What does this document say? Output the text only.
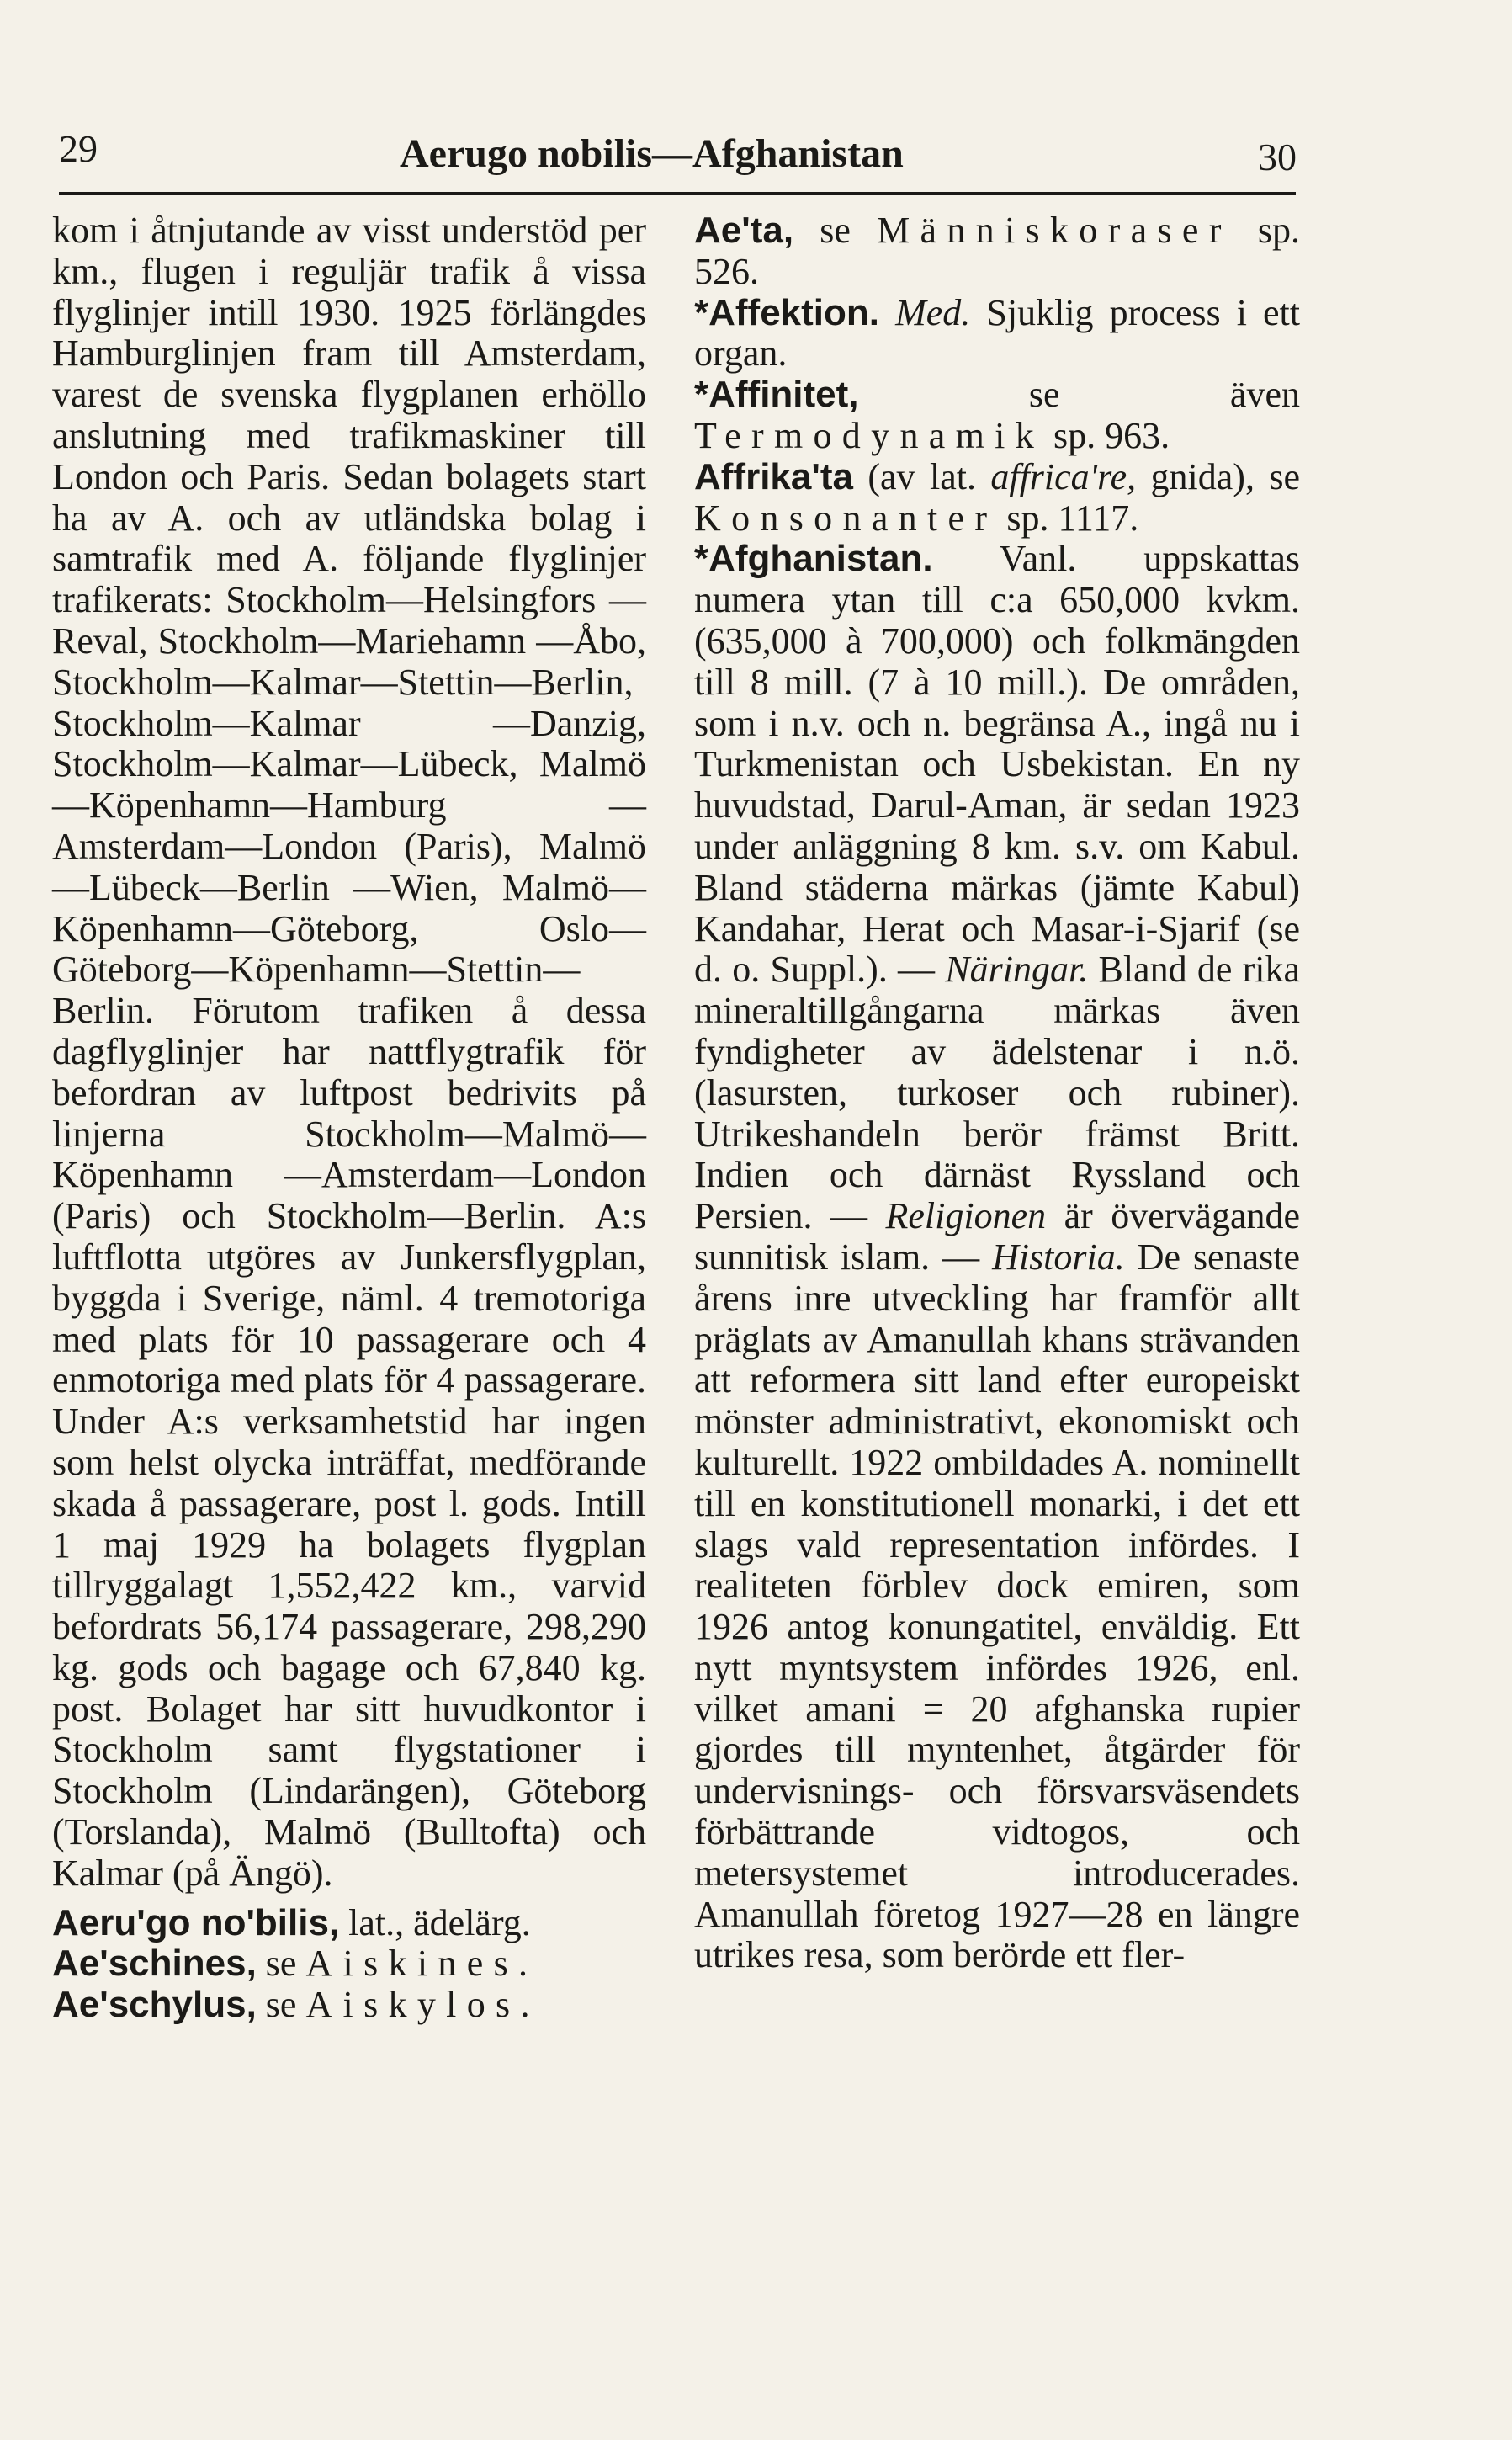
29	Aerugo nobilis—Afghanistan	30

kom i åtnjutande av visst understöd per km., flugen i reguljär trafik å vissa flyglinjer intill 1930. 1925 förlängdes Hamburglinjen fram till Amsterdam, varest de svenska flygplanen erhöllo anslutning med trafikmaskiner till London och Paris. Sedan bolagets start ha av A. och av utländska bolag i samtrafik med A. följande flyglinjer trafikerats: Stockholm—Helsingfors —Reval, Stockholm—Mariehamn —Åbo, Stockholm—Kalmar—Stettin—Berlin, Stockholm—Kalmar —Danzig, Stockholm—Kalmar—Lübeck, Malmö—Köpenhamn—Hamburg — Amsterdam—London (Paris), Malmö—Lübeck—Berlin —Wien, Malmö—Köpenhamn—Göteborg, Oslo—Göteborg—Köpenhamn—Stettin—Berlin. Förutom trafiken å dessa dagflyglinjer har nattflygtrafik för befordran av luftpost bedrivits på linjerna Stockholm—Malmö—Köpenhamn —Amsterdam—London (Paris) och Stockholm—Berlin. A:s luftflotta utgöres av Junkersflygplan, byggda i Sverige, näml. 4 tremotoriga med plats för 10 passagerare och 4 enmotoriga med plats för 4 passagerare. Under A:s verksamhetstid har ingen som helst olycka inträffat, medförande skada å passagerare, post l. gods. Intill 1 maj 1929 ha bolagets flygplan tillryggalagt 1,552,422 km., varvid befordrats 56,174 passagerare, 298,290 kg. gods och bagage och 67,840 kg. post. Bolaget har sitt huvudkontor i Stockholm samt flygstationer i Stockholm (Lindarängen), Göteborg (Torslanda), Malmö (Bulltofta) och Kalmar (på Ängö).

Aeru'go no'bilis, lat., ädelärg.

Ae'schines, se Aiskines.

Ae'schylus, se Aiskylos.

Ae'ta, se Människoraser sp. 526.

*Affektion. Med. Sjuklig process i ett organ.

*Affinitet, se även Termodynamik sp. 963.

Affrika'ta (av lat. affrica're, gnida), se Konsonanter sp. 1117.

*Afghanistan. Vanl. uppskattas numera ytan till c:a 650,000 kvkm. (635,000 à 700,000) och folkmängden till 8 mill. (7 à 10 mill.). De områden, som i n.v. och n. begränsa A., ingå nu i Turkmenistan och Usbekistan. En ny huvudstad, Darul-Aman, är sedan 1923 under anläggning 8 km. s.v. om Kabul. Bland städerna märkas (jämte Kabul) Kandahar, Herat och Masar-i-Sjarif (se d. o. Suppl.). — Näringar. Bland de rika mineraltillgångarna märkas även fyndigheter av ädelstenar i n.ö. (lasursten, turkoser och rubiner). Utrikeshandeln berör främst Britt. Indien och därnäst Ryssland och Persien. — Religionen är övervägande sunnitisk islam. — Historia. De senaste årens inre utveckling har framför allt präglats av Amanullah khans strävanden att reformera sitt land efter europeiskt mönster administrativt, ekonomiskt och kulturellt. 1922 ombildades A. nominellt till en konstitutionell monarki, i det ett slags vald representation infördes. I realiteten förblev dock emiren, som 1926 antog konungatitel, enväldig. Ett nytt myntsystem infördes 1926, enl. vilket amani = 20 afghanska rupier gjordes till myntenhet, åtgärder för undervisnings- och försvarsväsendets förbättrande vidtogos, och metersystemet introducerades. Amanullah företog 1927—28 en längre utrikes resa, som berörde ett fler-
